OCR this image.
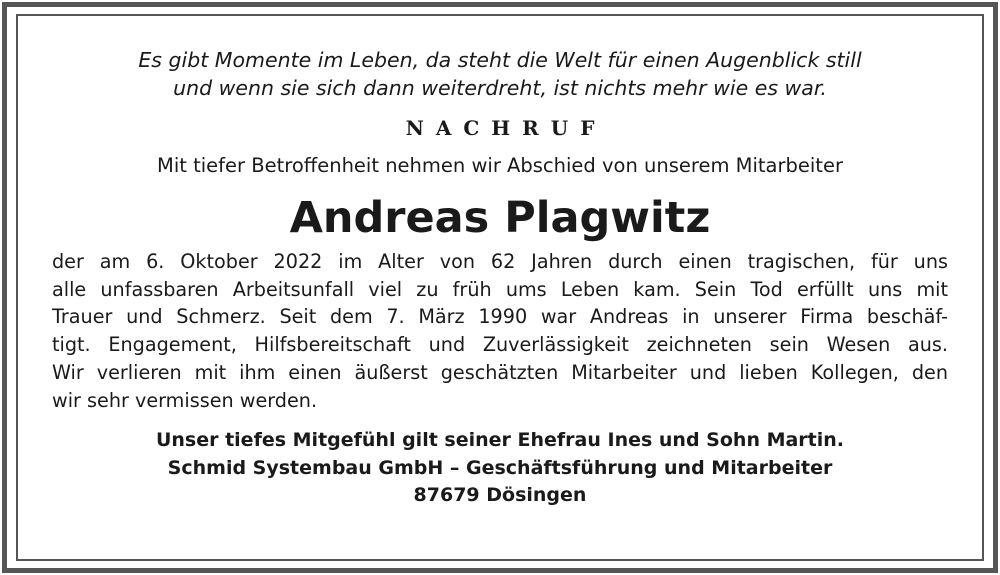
Es gibt Momente im Leben, da steht die Welt für einen Augenblick still
und wenn sie sich dann weiterdreht, ist nichts mehr wie es war.

NACHRUF
Mit tiefer Betroffenheit nehmen wir Abschied von unserem Mitarbeiter
Andreas Plagwitz
der am 6. Oktober 2022 im Alter von 62 Jahren durch einen tragischen, für uns
alle unfassbaren Arbeitsunfall viel zu früh ums Leben kam. Sein Tod erfüllt uns mit
Trauer und Schmerz. Seit dem 7. März 1990 war Andreas in unserer Firma beschäf-
tigt. Engagement, Hilfsbereitschaft und Zuverlässigkeit zeichneten sein Wesen aus.
Wir verlieren mit ihm einen äußerst geschätzten Mitarbeiter und lieben Kollegen, den
wir sehr vermissen werden.
Unser tiefes Mitgefühl gilt seiner Ehefrau Ines und Sohn Martin.
Schmid Systembau GmbH – Geschäftsführung und Mitarbeiter
87679 Dösingen
